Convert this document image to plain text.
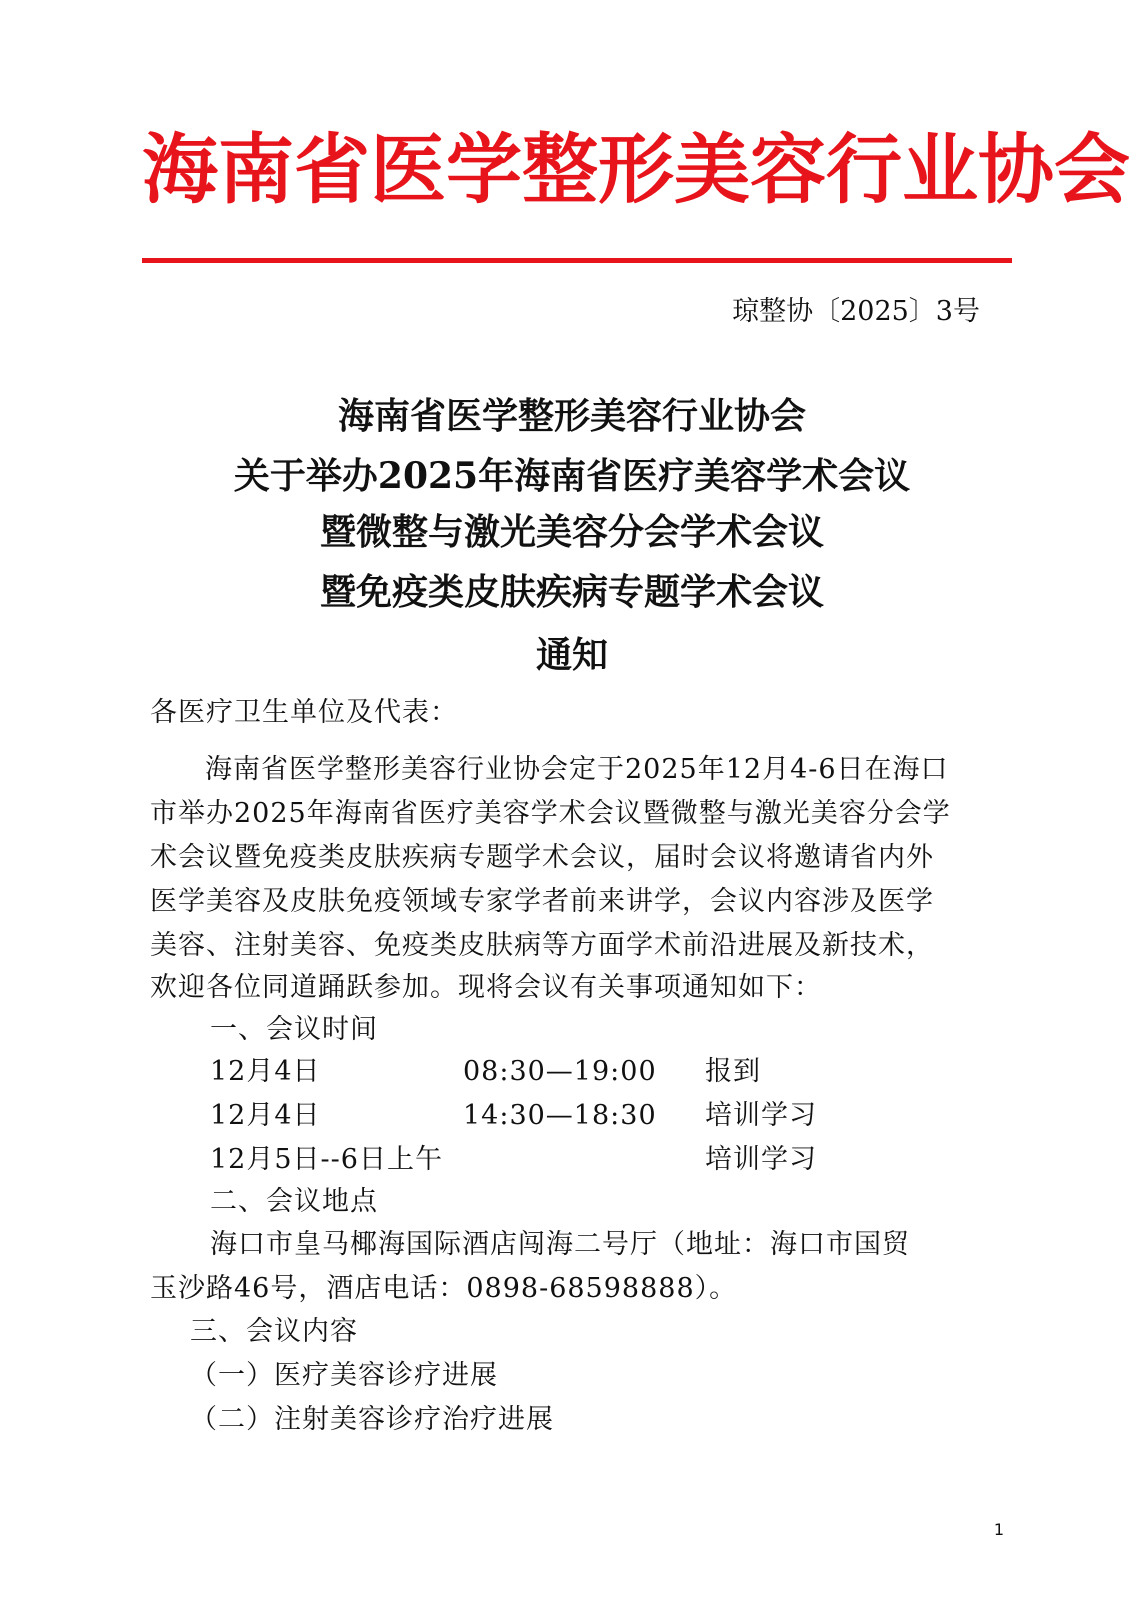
海南省医学整形美容行业协会
琼整协〔2025〕3号
海南省医学整形美容行业协会
关于举办2025年海南省医疗美容学术会议
暨微整与激光美容分会学术会议
暨免疫类皮肤疾病专题学术会议
通知
各医疗卫生单位及代表：
海南省医学整形美容行业协会定于2025年12月4-6日在海口
市举办2025年海南省医疗美容学术会议暨微整与激光美容分会学
术会议暨免疫类皮肤疾病专题学术会议，届时会议将邀请省内外
医学美容及皮肤免疫领域专家学者前来讲学，会议内容涉及医学
美容、注射美容、免疫类皮肤病等方面学术前沿进展及新技术，
欢迎各位同道踊跃参加。现将会议有关事项通知如下：
一、会议时间
12月4日	08:30—19:00 报到
12月4日	14:30—18:30 培训学习
12月5日--6日上午	培训学习
二、会议地点
海口市皇马椰海国际酒店闯海二号厅（地址：海口市国贸
玉沙路46号，酒店电话：0898-68598888）。
三、会议内容
（一）医疗美容诊疗进展
（二）注射美容诊疗治疗进展
1
